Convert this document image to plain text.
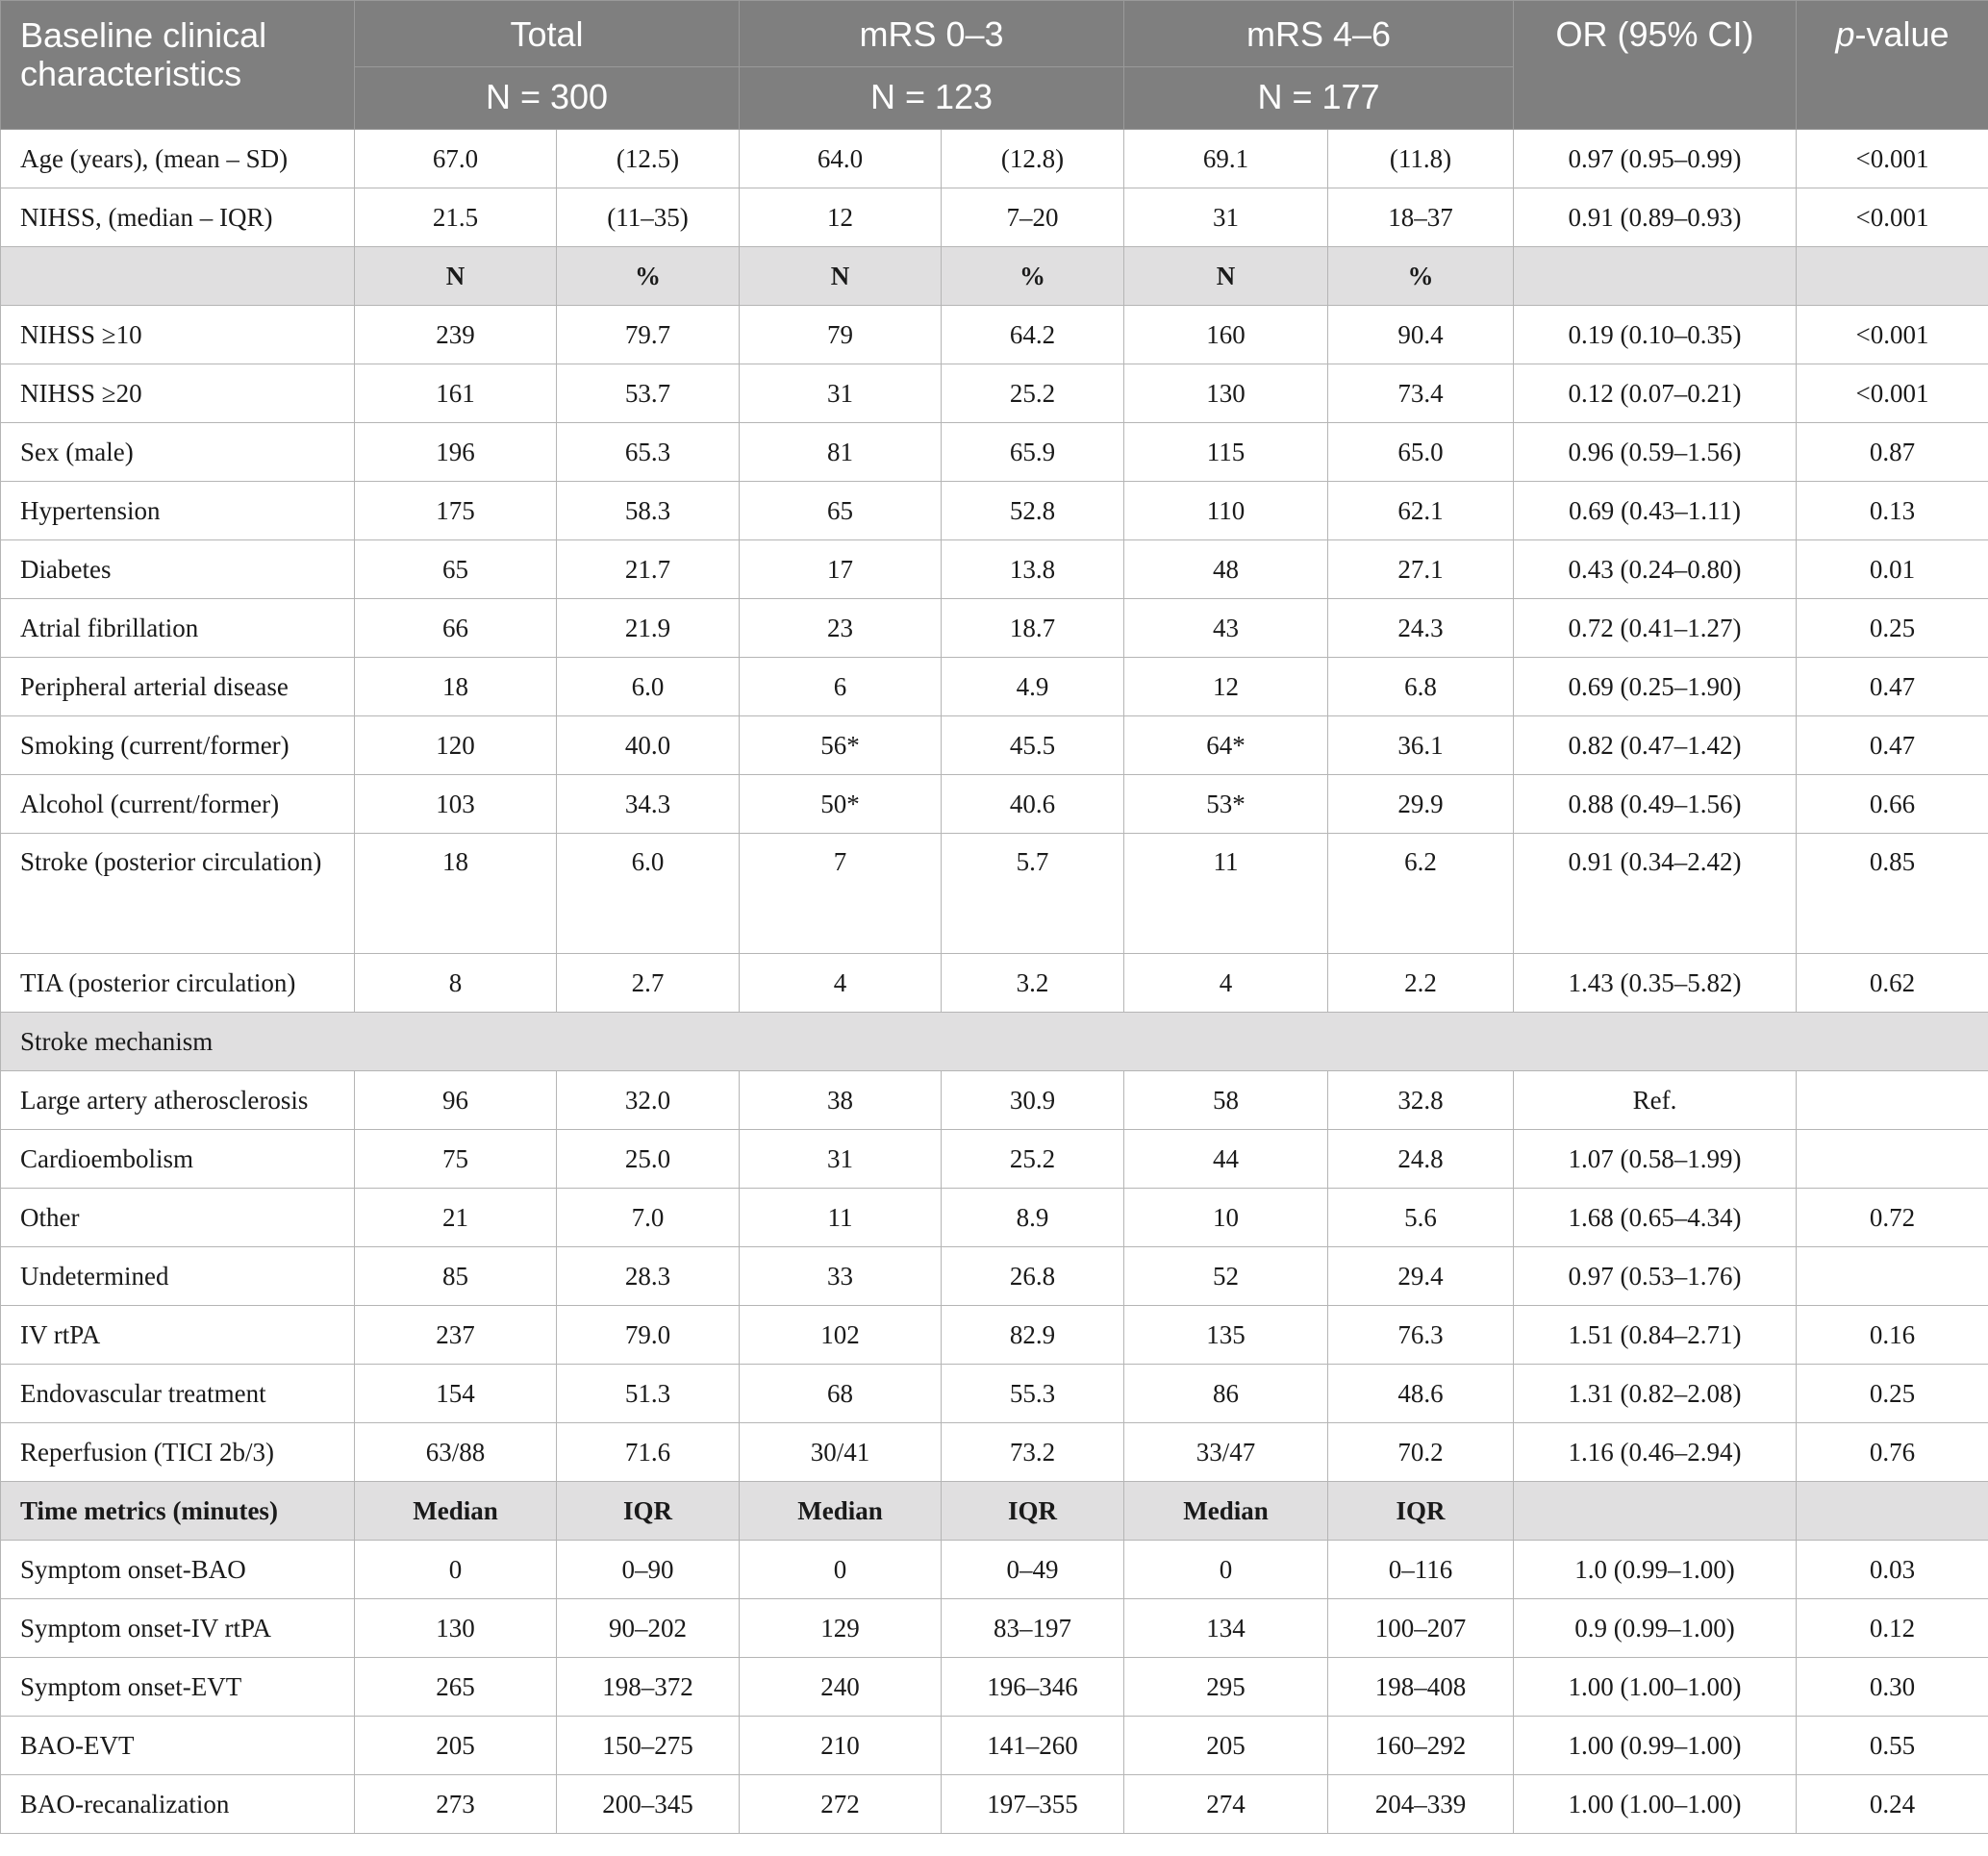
Baseline clinical characteristics	Total		mRS 0–3		mRS 4–6		OR (95% CI)	p-value
	N = 300		N = 123		N = 177			
Age (years), (mean – SD)	67.0	(12.5)	64.0	(12.8)	69.1	(11.8)	0.97 (0.95–0.99)	<0.001
NIHSS, (median – IQR)	21.5	(11–35)	12	7–20	31	18–37	0.91 (0.89–0.93)	<0.001
	N	%	N	%	N	%		
NIHSS ≥10	239	79.7	79	64.2	160	90.4	0.19 (0.10–0.35)	<0.001
NIHSS ≥20	161	53.7	31	25.2	130	73.4	0.12 (0.07–0.21)	<0.001
Sex (male)	196	65.3	81	65.9	115	65.0	0.96 (0.59–1.56)	0.87
Hypertension	175	58.3	65	52.8	110	62.1	0.69 (0.43–1.11)	0.13
Diabetes	65	21.7	17	13.8	48	27.1	0.43 (0.24–0.80)	0.01
Atrial fibrillation	66	21.9	23	18.7	43	24.3	0.72 (0.41–1.27)	0.25
Peripheral arterial disease	18	6.0	6	4.9	12	6.8	0.69 (0.25–1.90)	0.47
Smoking (current/former)	120	40.0	56*	45.5	64*	36.1	0.82 (0.47–1.42)	0.47
Alcohol (current/former)	103	34.3	50*	40.6	53*	29.9	0.88 (0.49–1.56)	0.66
Stroke (posterior circulation)	18	6.0	7	5.7	11	6.2	0.91 (0.34–2.42)	0.85
TIA (posterior circulation)	8	2.7	4	3.2	4	2.2	1.43 (0.35–5.82)	0.62
Stroke mechanism								
Large artery atherosclerosis	96	32.0	38	30.9	58	32.8	Ref.	
Cardioembolism	75	25.0	31	25.2	44	24.8	1.07 (0.58–1.99)	
Other	21	7.0	11	8.9	10	5.6	1.68 (0.65–4.34)	0.72
Undetermined	85	28.3	33	26.8	52	29.4	0.97 (0.53–1.76)	
IV rtPA	237	79.0	102	82.9	135	76.3	1.51 (0.84–2.71)	0.16
Endovascular treatment	154	51.3	68	55.3	86	48.6	1.31 (0.82–2.08)	0.25
Reperfusion (TICI 2b/3)	63/88	71.6	30/41	73.2	33/47	70.2	1.16 (0.46–2.94)	0.76
Time metrics (minutes)	Median	IQR	Median	IQR	Median	IQR		
Symptom onset-BAO	0	0–90	0	0–49	0	0–116	1.0 (0.99–1.00)	0.03
Symptom onset-IV rtPA	130	90–202	129	83–197	134	100–207	0.9 (0.99–1.00)	0.12
Symptom onset-EVT	265	198–372	240	196–346	295	198–408	1.00 (1.00–1.00)	0.30
BAO-EVT	205	150–275	210	141–260	205	160–292	1.00 (0.99–1.00)	0.55
BAO-recanalization	273	200–345	272	197–355	274	204–339	1.00 (1.00–1.00)	0.24
